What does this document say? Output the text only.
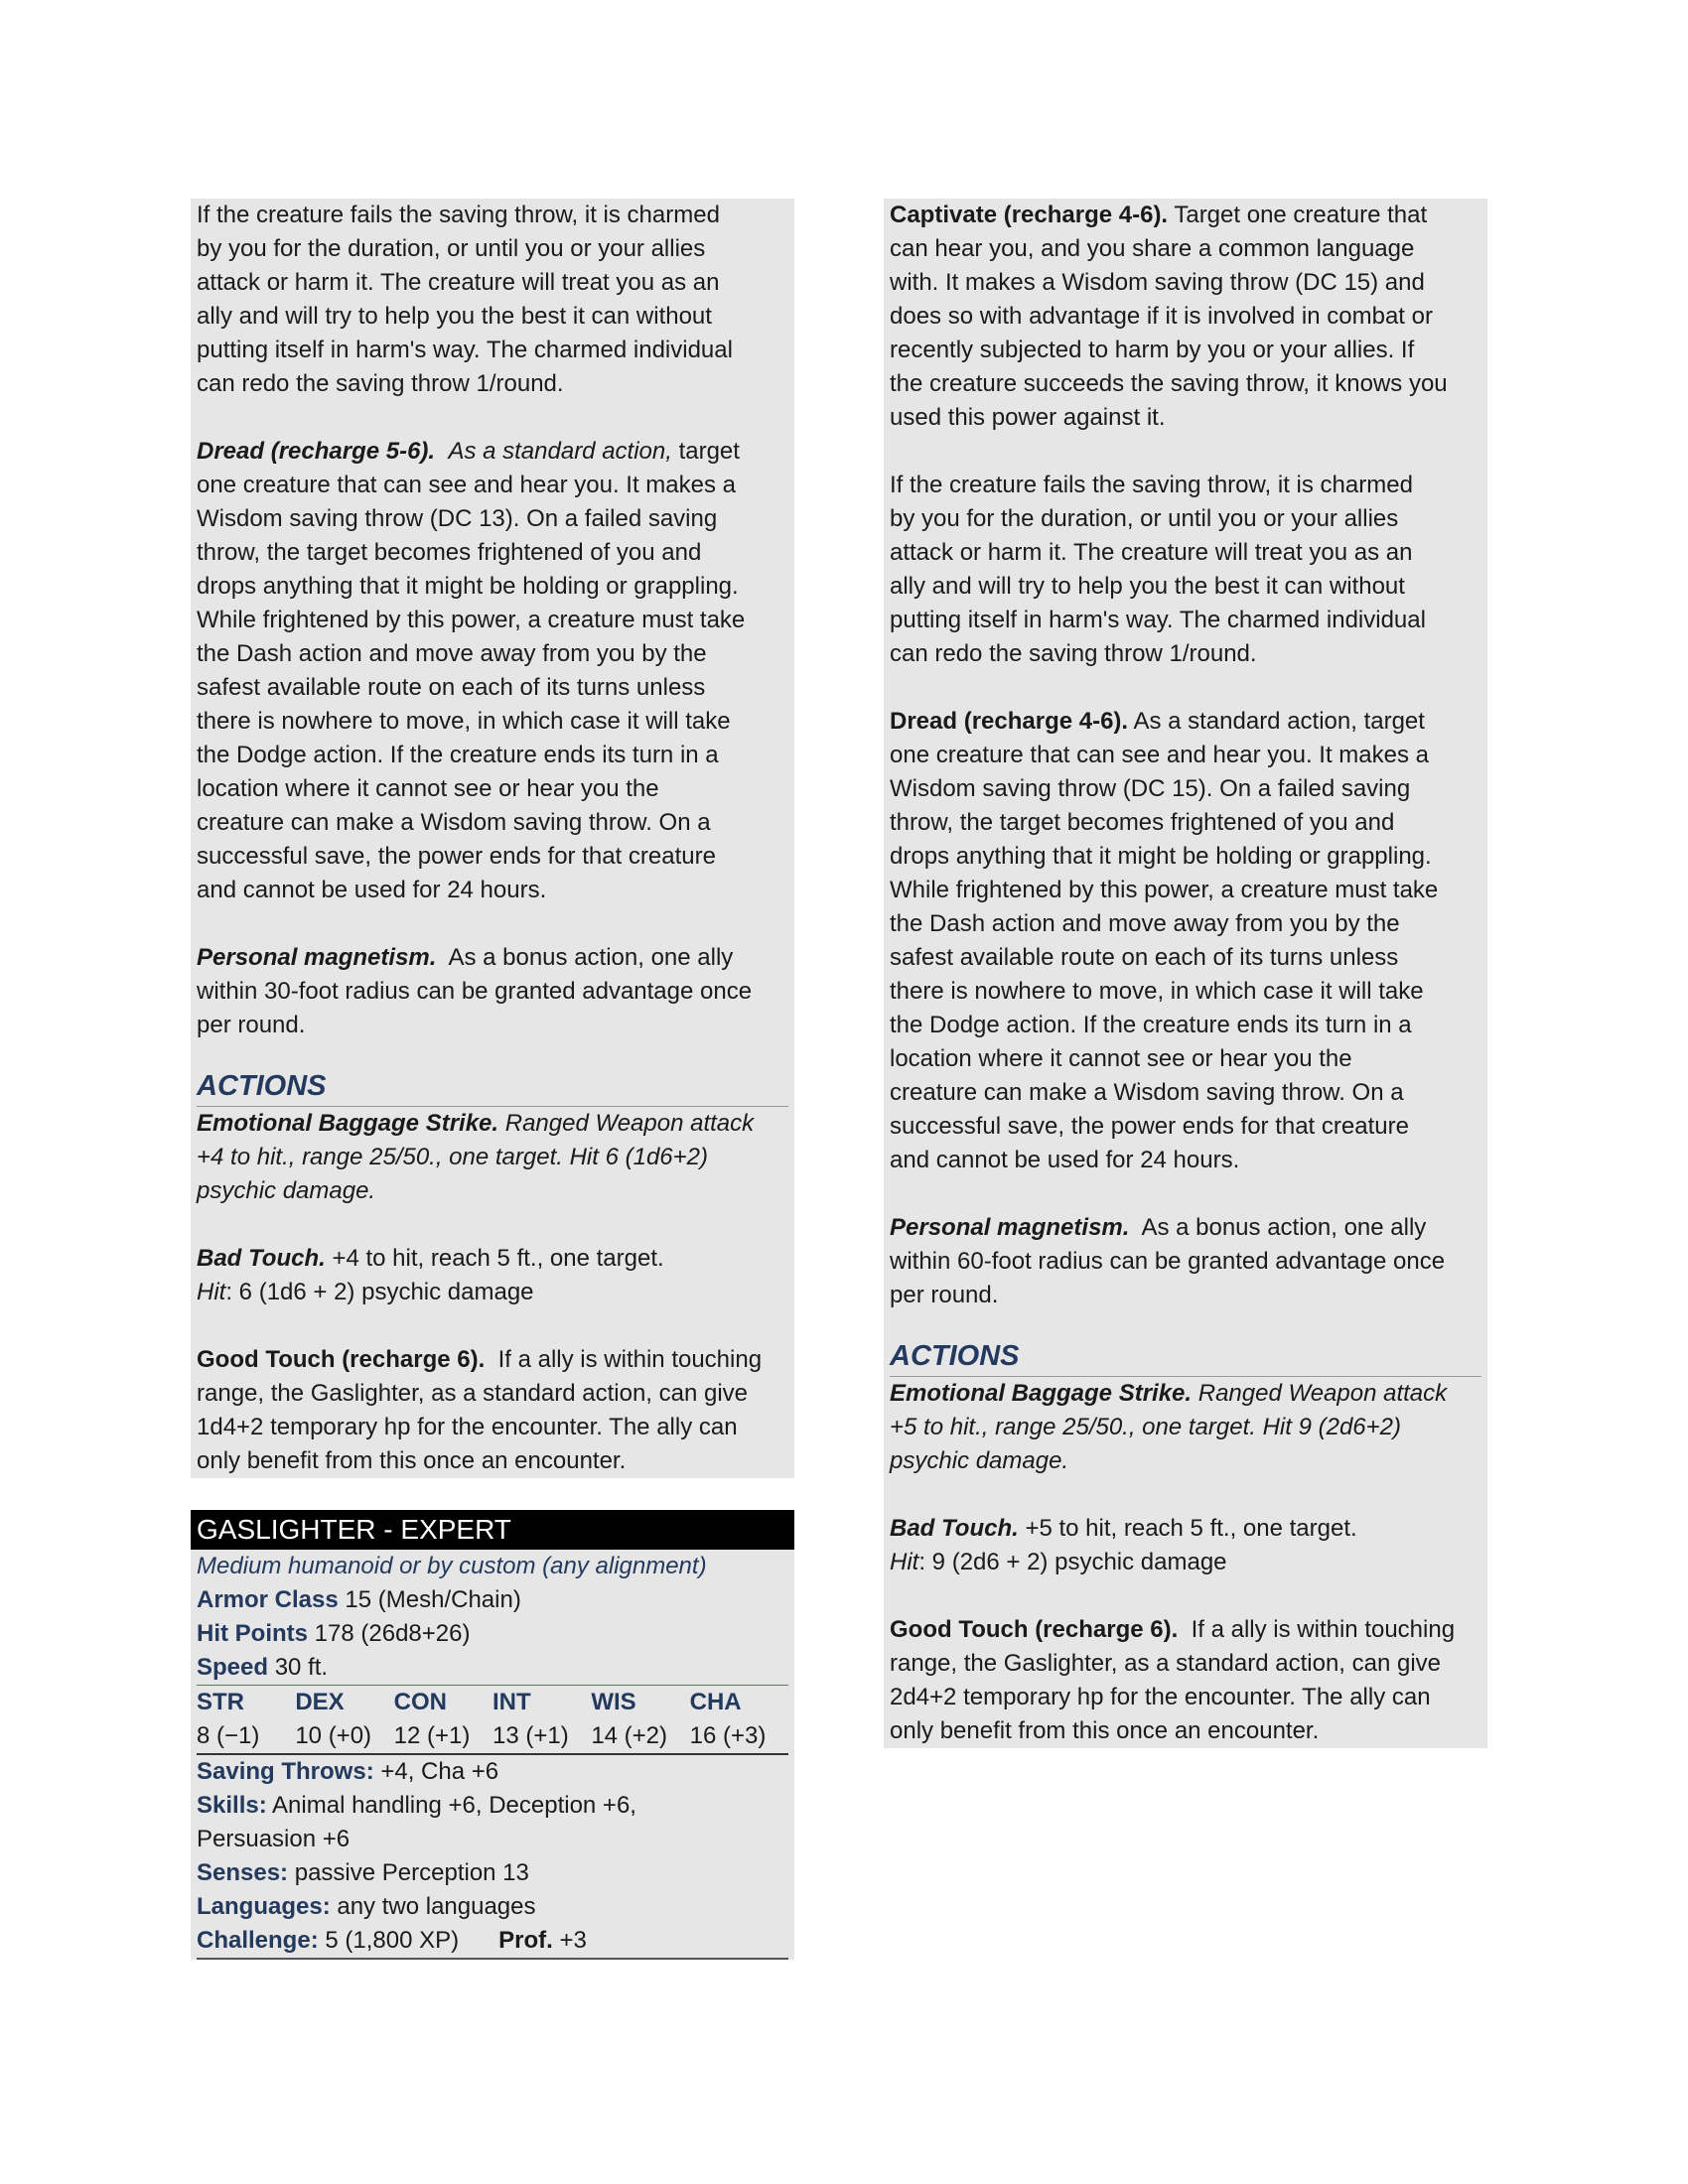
If the creature fails the saving throw, it is charmed

by you for the duration, or until you or your allies

attack or harm it. The creature will treat you as an

ally and will try to help you the best it can without

putting itself in harm's way. The charmed individual

can redo the saving throw 1/round.

Dread (recharge 5-6). As a standard action, target

one creature that can see and hear you. It makes a

Wisdom saving throw (DC 13). On a failed saving

throw, the target becomes frightened of you and

drops anything that it might be holding or grappling.

While frightened by this power, a creature must take

the Dash action and move away from you by the

safest available route on each of its turns unless

there is nowhere to move, in which case it will take

the Dodge action. If the creature ends its turn in a

location where it cannot see or hear you the

creature can make a Wisdom saving throw. On a

successful save, the power ends for that creature

and cannot be used for 24 hours.

Personal magnetism. As a bonus action, one ally

within 30-foot radius can be granted advantage once

per round.

ACTIONS

Emotional Baggage Strike. Ranged Weapon attack

+4 to hit., range 25/50., one target. Hit 6 (1d6+2)

psychic damage.

Bad Touch. +4 to hit, reach 5 ft., one target.

Hit: 6 (1d6 + 2) psychic damage

Good Touch (recharge 6). If a ally is within touching

range, the Gaslighter, as a standard action, can give

1d4+2 temporary hp for the encounter. The ally can

only benefit from this once an encounter.

GASLIGHTER - EXPERT

Medium humanoid or by custom (any alignment)

Armor Class 15 (Mesh/Chain)

Hit Points 178 (26d8+26)

Speed 30 ft.

STR
8 (−1)
DEX
10 (+0)
CON
12 (+1)
INT
13 (+1)
WIS
14 (+2)
CHA
16 (+3)

Saving Throws: +4, Cha +6

Skills: Animal handling +6, Deception +6,

Persuasion +6

Senses: passive Perception 13

Languages: any two languages

Challenge: 5 (1,800 XP) Prof. +3

Captivate (recharge 4-6). Target one creature that

can hear you, and you share a common language

with. It makes a Wisdom saving throw (DC 15) and

does so with advantage if it is involved in combat or

recently subjected to harm by you or your allies. If

the creature succeeds the saving throw, it knows you

used this power against it.

If the creature fails the saving throw, it is charmed

by you for the duration, or until you or your allies

attack or harm it. The creature will treat you as an

ally and will try to help you the best it can without

putting itself in harm's way. The charmed individual

can redo the saving throw 1/round.

Dread (recharge 4-6). As a standard action, target

one creature that can see and hear you. It makes a

Wisdom saving throw (DC 15). On a failed saving

throw, the target becomes frightened of you and

drops anything that it might be holding or grappling.

While frightened by this power, a creature must take

the Dash action and move away from you by the

safest available route on each of its turns unless

there is nowhere to move, in which case it will take

the Dodge action. If the creature ends its turn in a

location where it cannot see or hear you the

creature can make a Wisdom saving throw. On a

successful save, the power ends for that creature

and cannot be used for 24 hours.

Personal magnetism. As a bonus action, one ally

within 60-foot radius can be granted advantage once

per round.

ACTIONS

Emotional Baggage Strike. Ranged Weapon attack

+5 to hit., range 25/50., one target. Hit 9 (2d6+2)

psychic damage.

Bad Touch. +5 to hit, reach 5 ft., one target.

Hit: 9 (2d6 + 2) psychic damage

Good Touch (recharge 6). If a ally is within touching

range, the Gaslighter, as a standard action, can give

2d4+2 temporary hp for the encounter. The ally can

only benefit from this once an encounter.
